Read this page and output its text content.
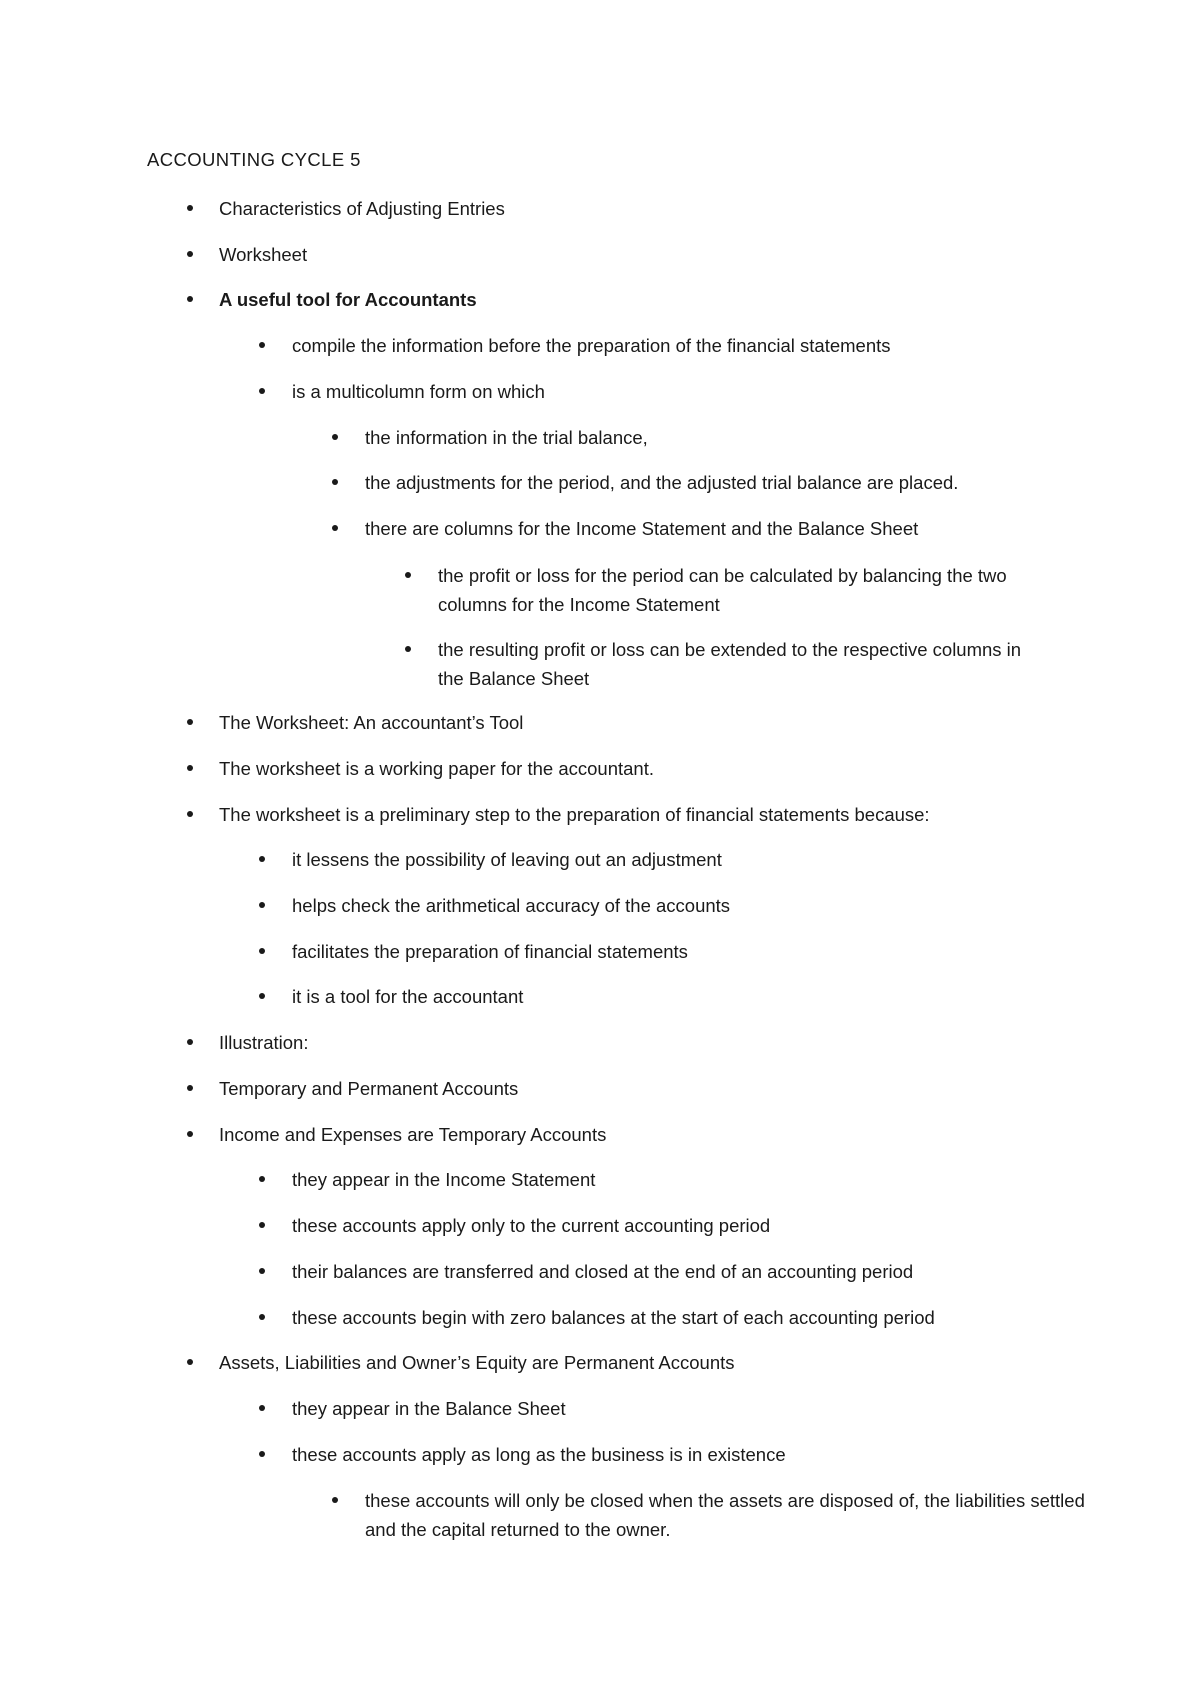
ACCOUNTING CYCLE 5
Characteristics of Adjusting Entries
Worksheet
A useful tool for Accountants
compile the information before the preparation of the financial statements
is a multicolumn form on which
the information in the trial balance,
the adjustments for the period, and the adjusted trial balance are placed.
there are columns for the Income Statement and the Balance Sheet
the profit or loss for the period can be calculated by balancing the two columns for the Income Statement
the resulting profit or loss can be extended to the respective columns in the Balance Sheet
The Worksheet: An accountant’s Tool
The worksheet is a working paper for the accountant.
The worksheet is a preliminary step to the preparation of financial statements because:
it lessens the possibility of leaving out an adjustment
helps check the arithmetical accuracy of the accounts
facilitates the preparation of financial statements
it is a tool for the accountant
Illustration:
Temporary and Permanent Accounts
Income and Expenses are Temporary Accounts
they appear in the Income Statement
these accounts apply only to the current accounting period
their balances are transferred and closed at the end of an accounting period
these accounts begin with zero balances at the start of each accounting period
Assets, Liabilities and Owner’s Equity are Permanent Accounts
they appear in the Balance Sheet
these accounts apply as long as the business is in existence
these accounts will only be closed when the assets are disposed of, the liabilities settled and the capital returned to the owner.
